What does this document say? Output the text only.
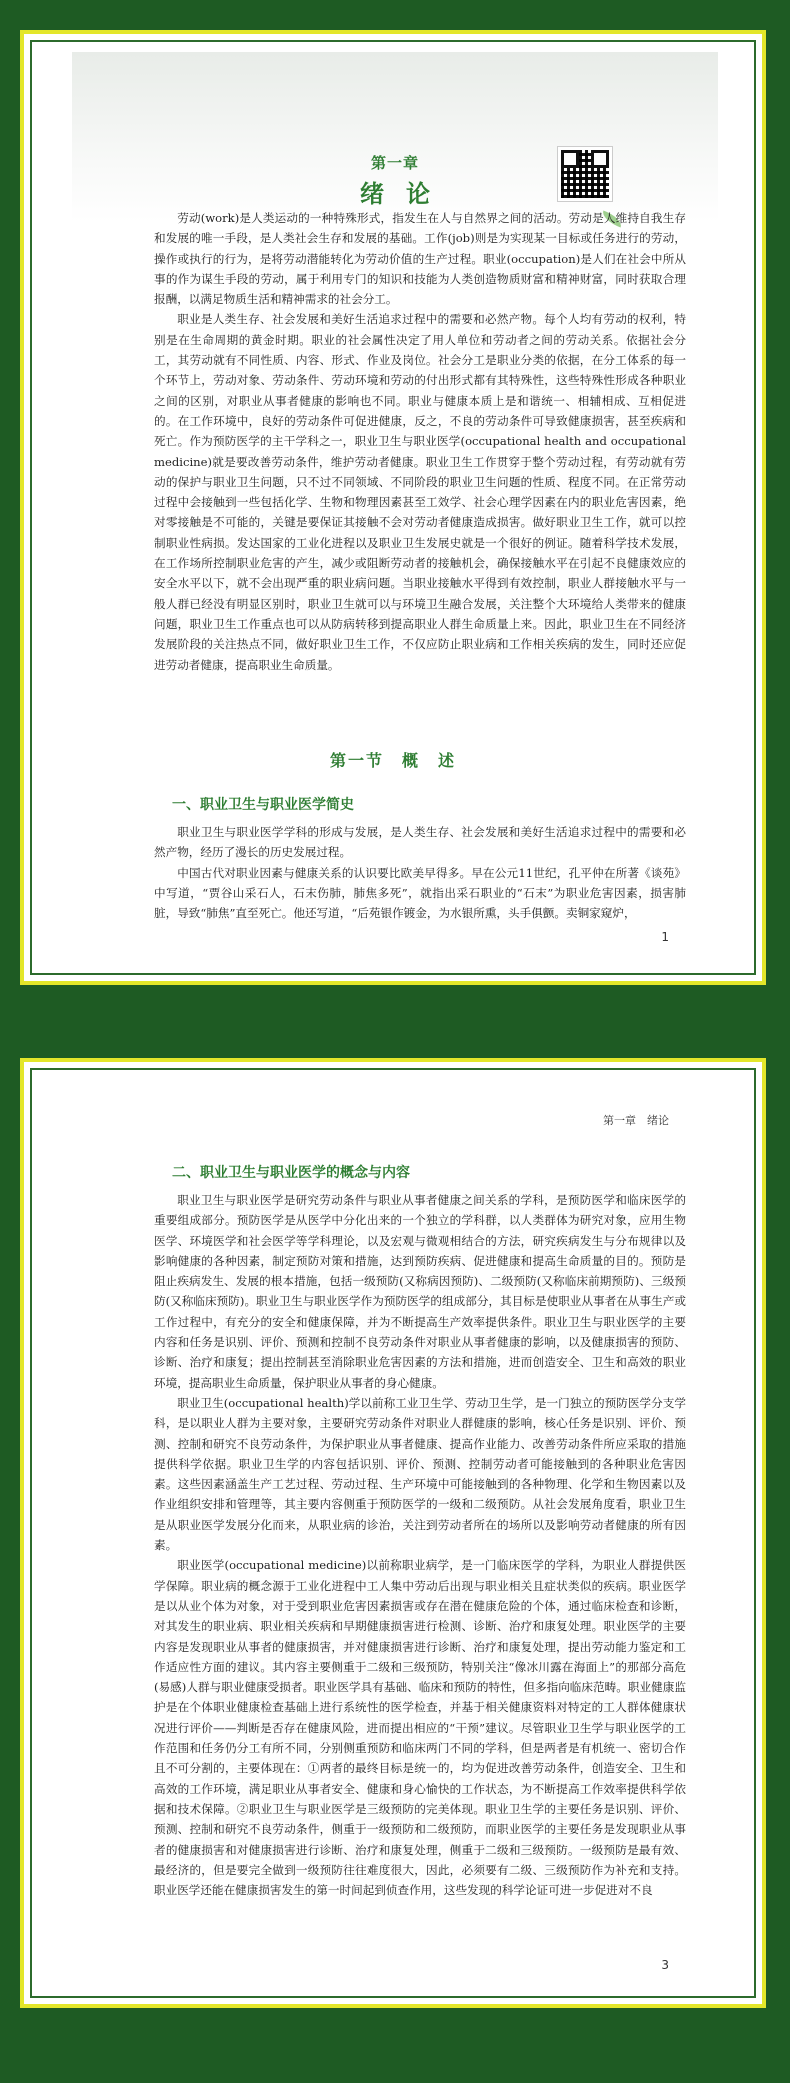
第一章
绪论

劳动(work)是人类运动的一种特殊形式，指发生在人与自然界之间的活动。劳动是人维持自我生存和发展的唯一手段，是人类社会生存和发展的基础。工作(job)则是为实现某一目标或任务进行的劳动，操作或执行的行为，是将劳动潜能转化为劳动价值的生产过程。职业(occupation)是人们在社会中所从事的作为谋生手段的劳动，属于利用专门的知识和技能为人类创造物质财富和精神财富，同时获取合理报酬，以满足物质生活和精神需求的社会分工。

职业是人类生存、社会发展和美好生活追求过程中的需要和必然产物。每个人均有劳动的权利，特别是在生命周期的黄金时期。职业的社会属性决定了用人单位和劳动者之间的劳动关系。依据社会分工，其劳动就有不同性质、内容、形式、作业及岗位。社会分工是职业分类的依据，在分工体系的每一个环节上，劳动对象、劳动条件、劳动环境和劳动的付出形式都有其特殊性，这些特殊性形成各种职业之间的区别，对职业从事者健康的影响也不同。职业与健康本质上是和谐统一、相辅相成、互相促进的。在工作环境中，良好的劳动条件可促进健康，反之，不良的劳动条件可导致健康损害，甚至疾病和死亡。作为预防医学的主干学科之一，职业卫生与职业医学(occupational health and occupational medicine)就是要改善劳动条件，维护劳动者健康。职业卫生工作贯穿于整个劳动过程，有劳动就有劳动的保护与职业卫生问题，只不过不同领域、不同阶段的职业卫生问题的性质、程度不同。在正常劳动过程中会接触到一些包括化学、生物和物理因素甚至工效学、社会心理学因素在内的职业危害因素，绝对零接触是不可能的，关键是要保证其接触不会对劳动者健康造成损害。做好职业卫生工作，就可以控制职业性病损。发达国家的工业化进程以及职业卫生发展史就是一个很好的例证。随着科学技术发展，在工作场所控制职业危害的产生，减少或阻断劳动者的接触机会，确保接触水平在引起不良健康效应的安全水平以下，就不会出现严重的职业病问题。当职业接触水平得到有效控制，职业人群接触水平与一般人群已经没有明显区别时，职业卫生就可以与环境卫生融合发展，关注整个大环境给人类带来的健康问题，职业卫生工作重点也可以从防病转移到提高职业人群生命质量上来。因此，职业卫生在不同经济发展阶段的关注热点不同，做好职业卫生工作，不仅应防止职业病和工作相关疾病的发生，同时还应促进劳动者健康，提高职业生命质量。

第一节　概　述
一、职业卫生与职业医学简史

职业卫生与职业医学学科的形成与发展，是人类生存、社会发展和美好生活追求过程中的需要和必然产物，经历了漫长的历史发展过程。

中国古代对职业因素与健康关系的认识要比欧美早得多。早在公元11世纪，孔平仲在所著《谈苑》中写道，“贾谷山采石人，石末伤肺，肺焦多死”，就指出采石职业的“石末”为职业危害因素，损害肺脏，导致“肺焦”直至死亡。他还写道，“后苑银作镀金，为水银所熏，头手俱颤。卖铜家窥炉，

1
第一章　绪论
二、职业卫生与职业医学的概念与内容

职业卫生与职业医学是研究劳动条件与职业从事者健康之间关系的学科，是预防医学和临床医学的重要组成部分。预防医学是从医学中分化出来的一个独立的学科群，以人类群体为研究对象，应用生物医学、环境医学和社会医学等学科理论，以及宏观与微观相结合的方法，研究疾病发生与分布规律以及影响健康的各种因素，制定预防对策和措施，达到预防疾病、促进健康和提高生命质量的目的。预防是阻止疾病发生、发展的根本措施，包括一级预防(又称病因预防)、二级预防(又称临床前期预防)、三级预防(又称临床预防)。职业卫生与职业医学作为预防医学的组成部分，其目标是使职业从事者在从事生产或工作过程中，有充分的安全和健康保障，并为不断提高生产效率提供条件。职业卫生与职业医学的主要内容和任务是识别、评价、预测和控制不良劳动条件对职业从事者健康的影响，以及健康损害的预防、诊断、治疗和康复；提出控制甚至消除职业危害因素的方法和措施，进而创造安全、卫生和高效的职业环境，提高职业生命质量，保护职业从事者的身心健康。

职业卫生(occupational health)学以前称工业卫生学、劳动卫生学，是一门独立的预防医学分支学科，是以职业人群为主要对象，主要研究劳动条件对职业人群健康的影响，核心任务是识别、评价、预测、控制和研究不良劳动条件，为保护职业从事者健康、提高作业能力、改善劳动条件所应采取的措施提供科学依据。职业卫生学的内容包括识别、评价、预测、控制劳动者可能接触到的各种职业危害因素。这些因素涵盖生产工艺过程、劳动过程、生产环境中可能接触到的各种物理、化学和生物因素以及作业组织安排和管理等，其主要内容侧重于预防医学的一级和二级预防。从社会发展角度看，职业卫生是从职业医学发展分化而来，从职业病的诊治，关注到劳动者所在的场所以及影响劳动者健康的所有因素。

职业医学(occupational medicine)以前称职业病学，是一门临床医学的学科，为职业人群提供医学保障。职业病的概念源于工业化进程中工人集中劳动后出现与职业相关且症状类似的疾病。职业医学是以从业个体为对象，对于受到职业危害因素损害或存在潜在健康危险的个体，通过临床检查和诊断，对其发生的职业病、职业相关疾病和早期健康损害进行检测、诊断、治疗和康复处理。职业医学的主要内容是发现职业从事者的健康损害，并对健康损害进行诊断、治疗和康复处理，提出劳动能力鉴定和工作适应性方面的建议。其内容主要侧重于二级和三级预防，特别关注“像冰川露在海面上”的那部分高危(易感)人群与职业健康受损者。职业医学具有基础、临床和预防的特性，但多指向临床范畴。职业健康监护是在个体职业健康检查基础上进行系统性的医学检查，并基于相关健康资料对特定的工人群体健康状况进行评价——判断是否存在健康风险，进而提出相应的“干预”建议。尽管职业卫生学与职业医学的工作范围和任务仍分工有所不同，分别侧重预防和临床两门不同的学科，但是两者是有机统一、密切合作且不可分割的，主要体现在：①两者的最终目标是统一的，均为促进改善劳动条件，创造安全、卫生和高效的工作环境，满足职业从事者安全、健康和身心愉快的工作状态，为不断提高工作效率提供科学依据和技术保障。②职业卫生与职业医学是三级预防的完美体现。职业卫生学的主要任务是识别、评价、预测、控制和研究不良劳动条件，侧重于一级预防和二级预防，而职业医学的主要任务是发现职业从事者的健康损害和对健康损害进行诊断、治疗和康复处理，侧重于二级和三级预防。一级预防是最有效、最经济的，但是要完全做到一级预防往往难度很大，因此，必须要有二级、三级预防作为补充和支持。职业医学还能在健康损害发生的第一时间起到侦查作用，这些发现的科学论证可进一步促进对不良

3
